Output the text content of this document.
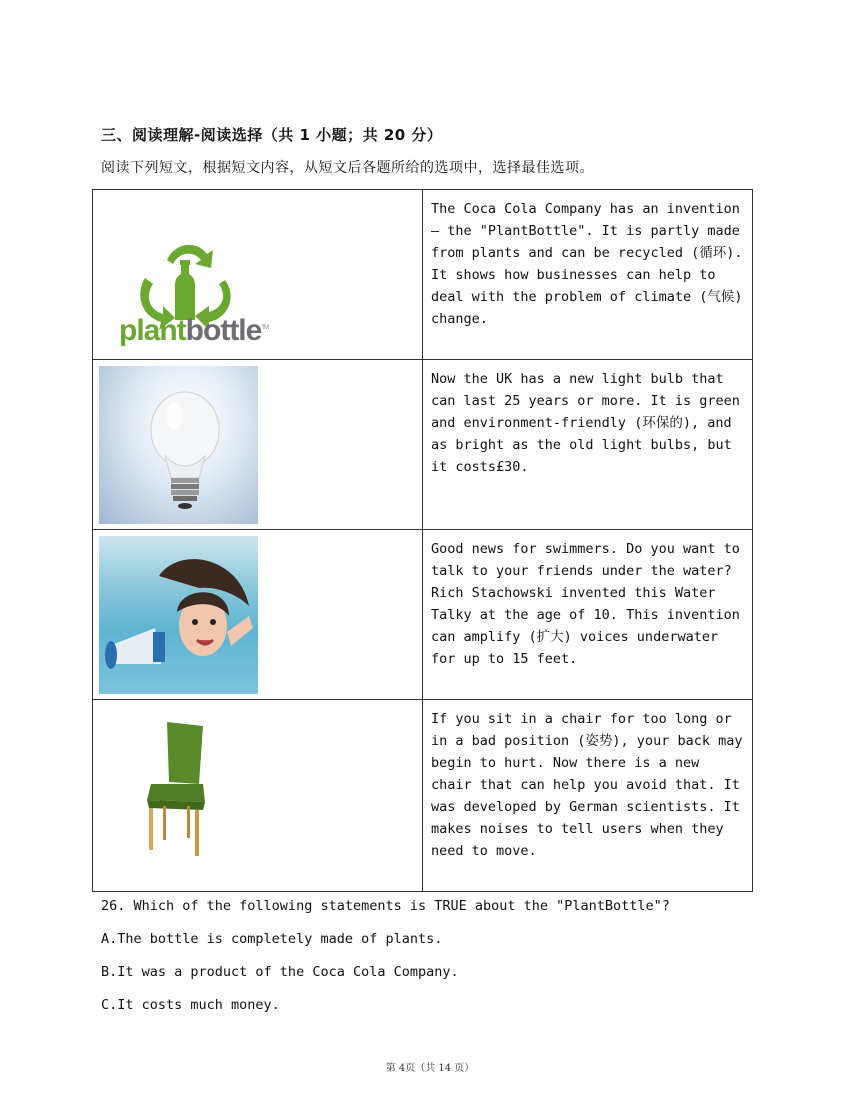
三、阅读理解-阅读选择（共 1 小题；共 20 分）
阅读下列短文，根据短文内容，从短文后各题所给的选项中，选择最佳选项。
plantbottle™	The Coca Cola Company has an invention— the "PlantBottle". It is partly made from plants and can be recycled (循环). It shows how businesses can help to deal with the problem of climate (气候) change.

	Now the UK has a new light bulb that can last 25 years or more. It is green and environment-friendly (环保的), and as bright as the old light bulbs, but it costs£30.

	Good news for swimmers. Do you want to talk to your friends under the water? Rich Stachowski invented this Water Talky at the age of 10. This invention can amplify (扩大) voices underwater for up to 15 feet.

	If you sit in a chair for too long or in a bad position (姿势), your back may begin to hurt. Now there is a new chair that can help you avoid that. It was developed by German scientists. It makes noises to tell users when they need to move.
26. Which of the following statements is TRUE about the "PlantBottle"?
A.The bottle is completely made of plants.
B.It was a product of the Coca Cola Company.
C.It costs much money.
第 4页（共 14 页）
